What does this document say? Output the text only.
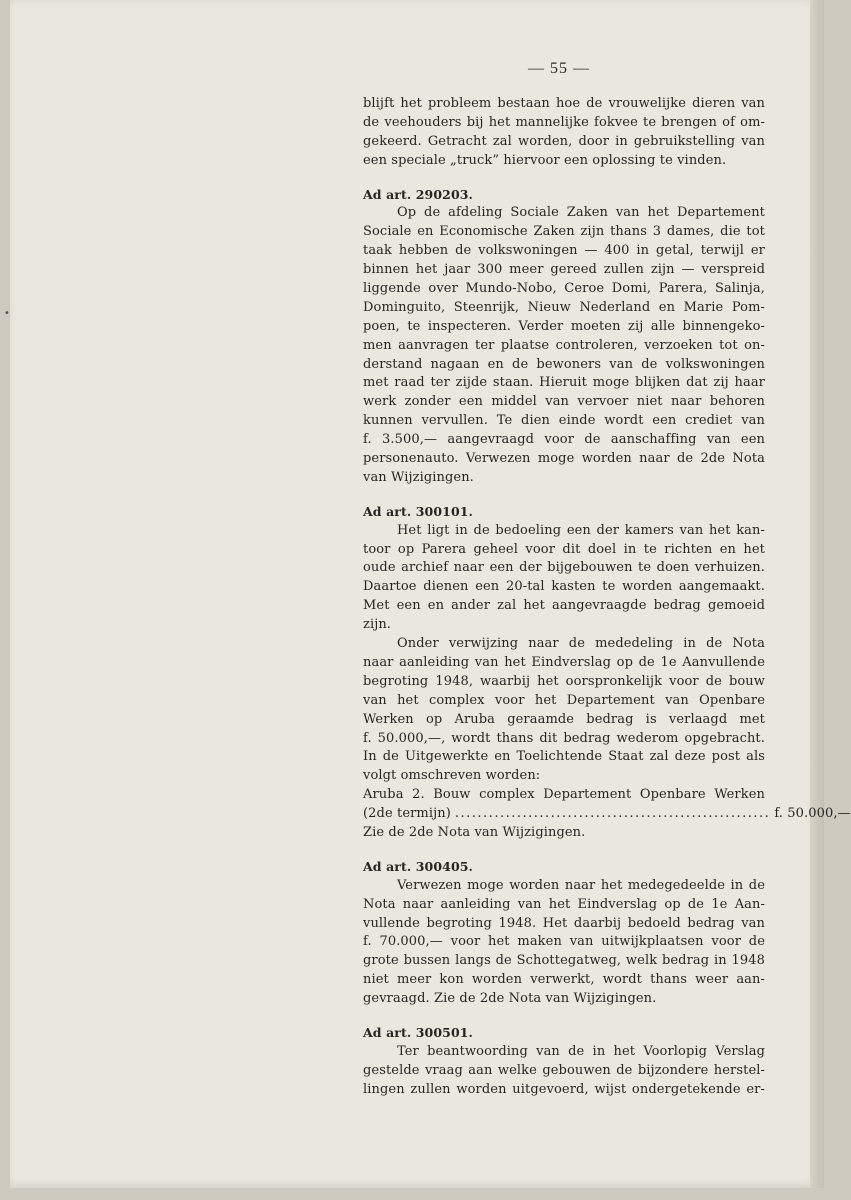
— 55 —
blijft het probleem bestaan hoe de vrouwelijke dieren van
de veehouders bij het mannelijke fokvee te brengen of om-
gekeerd. Getracht zal worden, door in gebruikstelling van
een speciale „truck” hiervoor een oplossing te vinden.
Ad art. 290203.
Op de afdeling Sociale Zaken van het Departement
Sociale en Economische Zaken zijn thans 3 dames, die tot
taak hebben de volkswoningen — 400 in getal, terwijl er
binnen het jaar 300 meer gereed zullen zijn — verspreid
liggende over Mundo-Nobo, Ceroe Domi, Parera, Salinja,
Dominguito, Steenrijk, Nieuw Nederland en Marie Pom-
poen, te inspecteren. Verder moeten zij alle binnengeko-
men aanvragen ter plaatse controleren, verzoeken tot on-
derstand nagaan en de bewoners van de volkswoningen
met raad ter zijde staan. Hieruit moge blijken dat zij haar
werk zonder een middel van vervoer niet naar behoren
kunnen vervullen. Te dien einde wordt een crediet van
f. 3.500,— aangevraagd voor de aanschaffing van een
personenauto. Verwezen moge worden naar de 2de Nota
van Wijzigingen.
Ad art. 300101.
Het ligt in de bedoeling een der kamers van het kan-
toor op Parera geheel voor dit doel in te richten en het
oude archief naar een der bijgebouwen te doen verhuizen.
Daartoe dienen een 20-tal kasten te worden aangemaakt.
Met een en ander zal het aangevraagde bedrag gemoeid
zijn.
Onder verwijzing naar de mededeling in de Nota
naar aanleiding van het Eindverslag op de 1e Aanvullende
begroting 1948, waarbij het oorspronkelijk voor de bouw
van het complex voor het Departement van Openbare
Werken op Aruba geraamde bedrag is verlaagd met
f. 50.000,—, wordt thans dit bedrag wederom opgebracht.
In de Uitgewerkte en Toelichtende Staat zal deze post als
volgt omschreven worden:
Aruba 2. Bouw complex Departement Openbare Werken
(2de termijn) ........................................................ f. 50.000,—
Zie de 2de Nota van Wijzigingen.
Ad art. 300405.
Verwezen moge worden naar het medegedeelde in de
Nota naar aanleiding van het Eindverslag op de 1e Aan-
vullende begroting 1948. Het daarbij bedoeld bedrag van
f. 70.000,— voor het maken van uitwijkplaatsen voor de
grote bussen langs de Schottegatweg, welk bedrag in 1948
niet meer kon worden verwerkt, wordt thans weer aan-
gevraagd. Zie de 2de Nota van Wijzigingen.
Ad art. 300501.
Ter beantwoording van de in het Voorlopig Verslag
gestelde vraag aan welke gebouwen de bijzondere herstel-
lingen zullen worden uitgevoerd, wijst ondergetekende er-
•
